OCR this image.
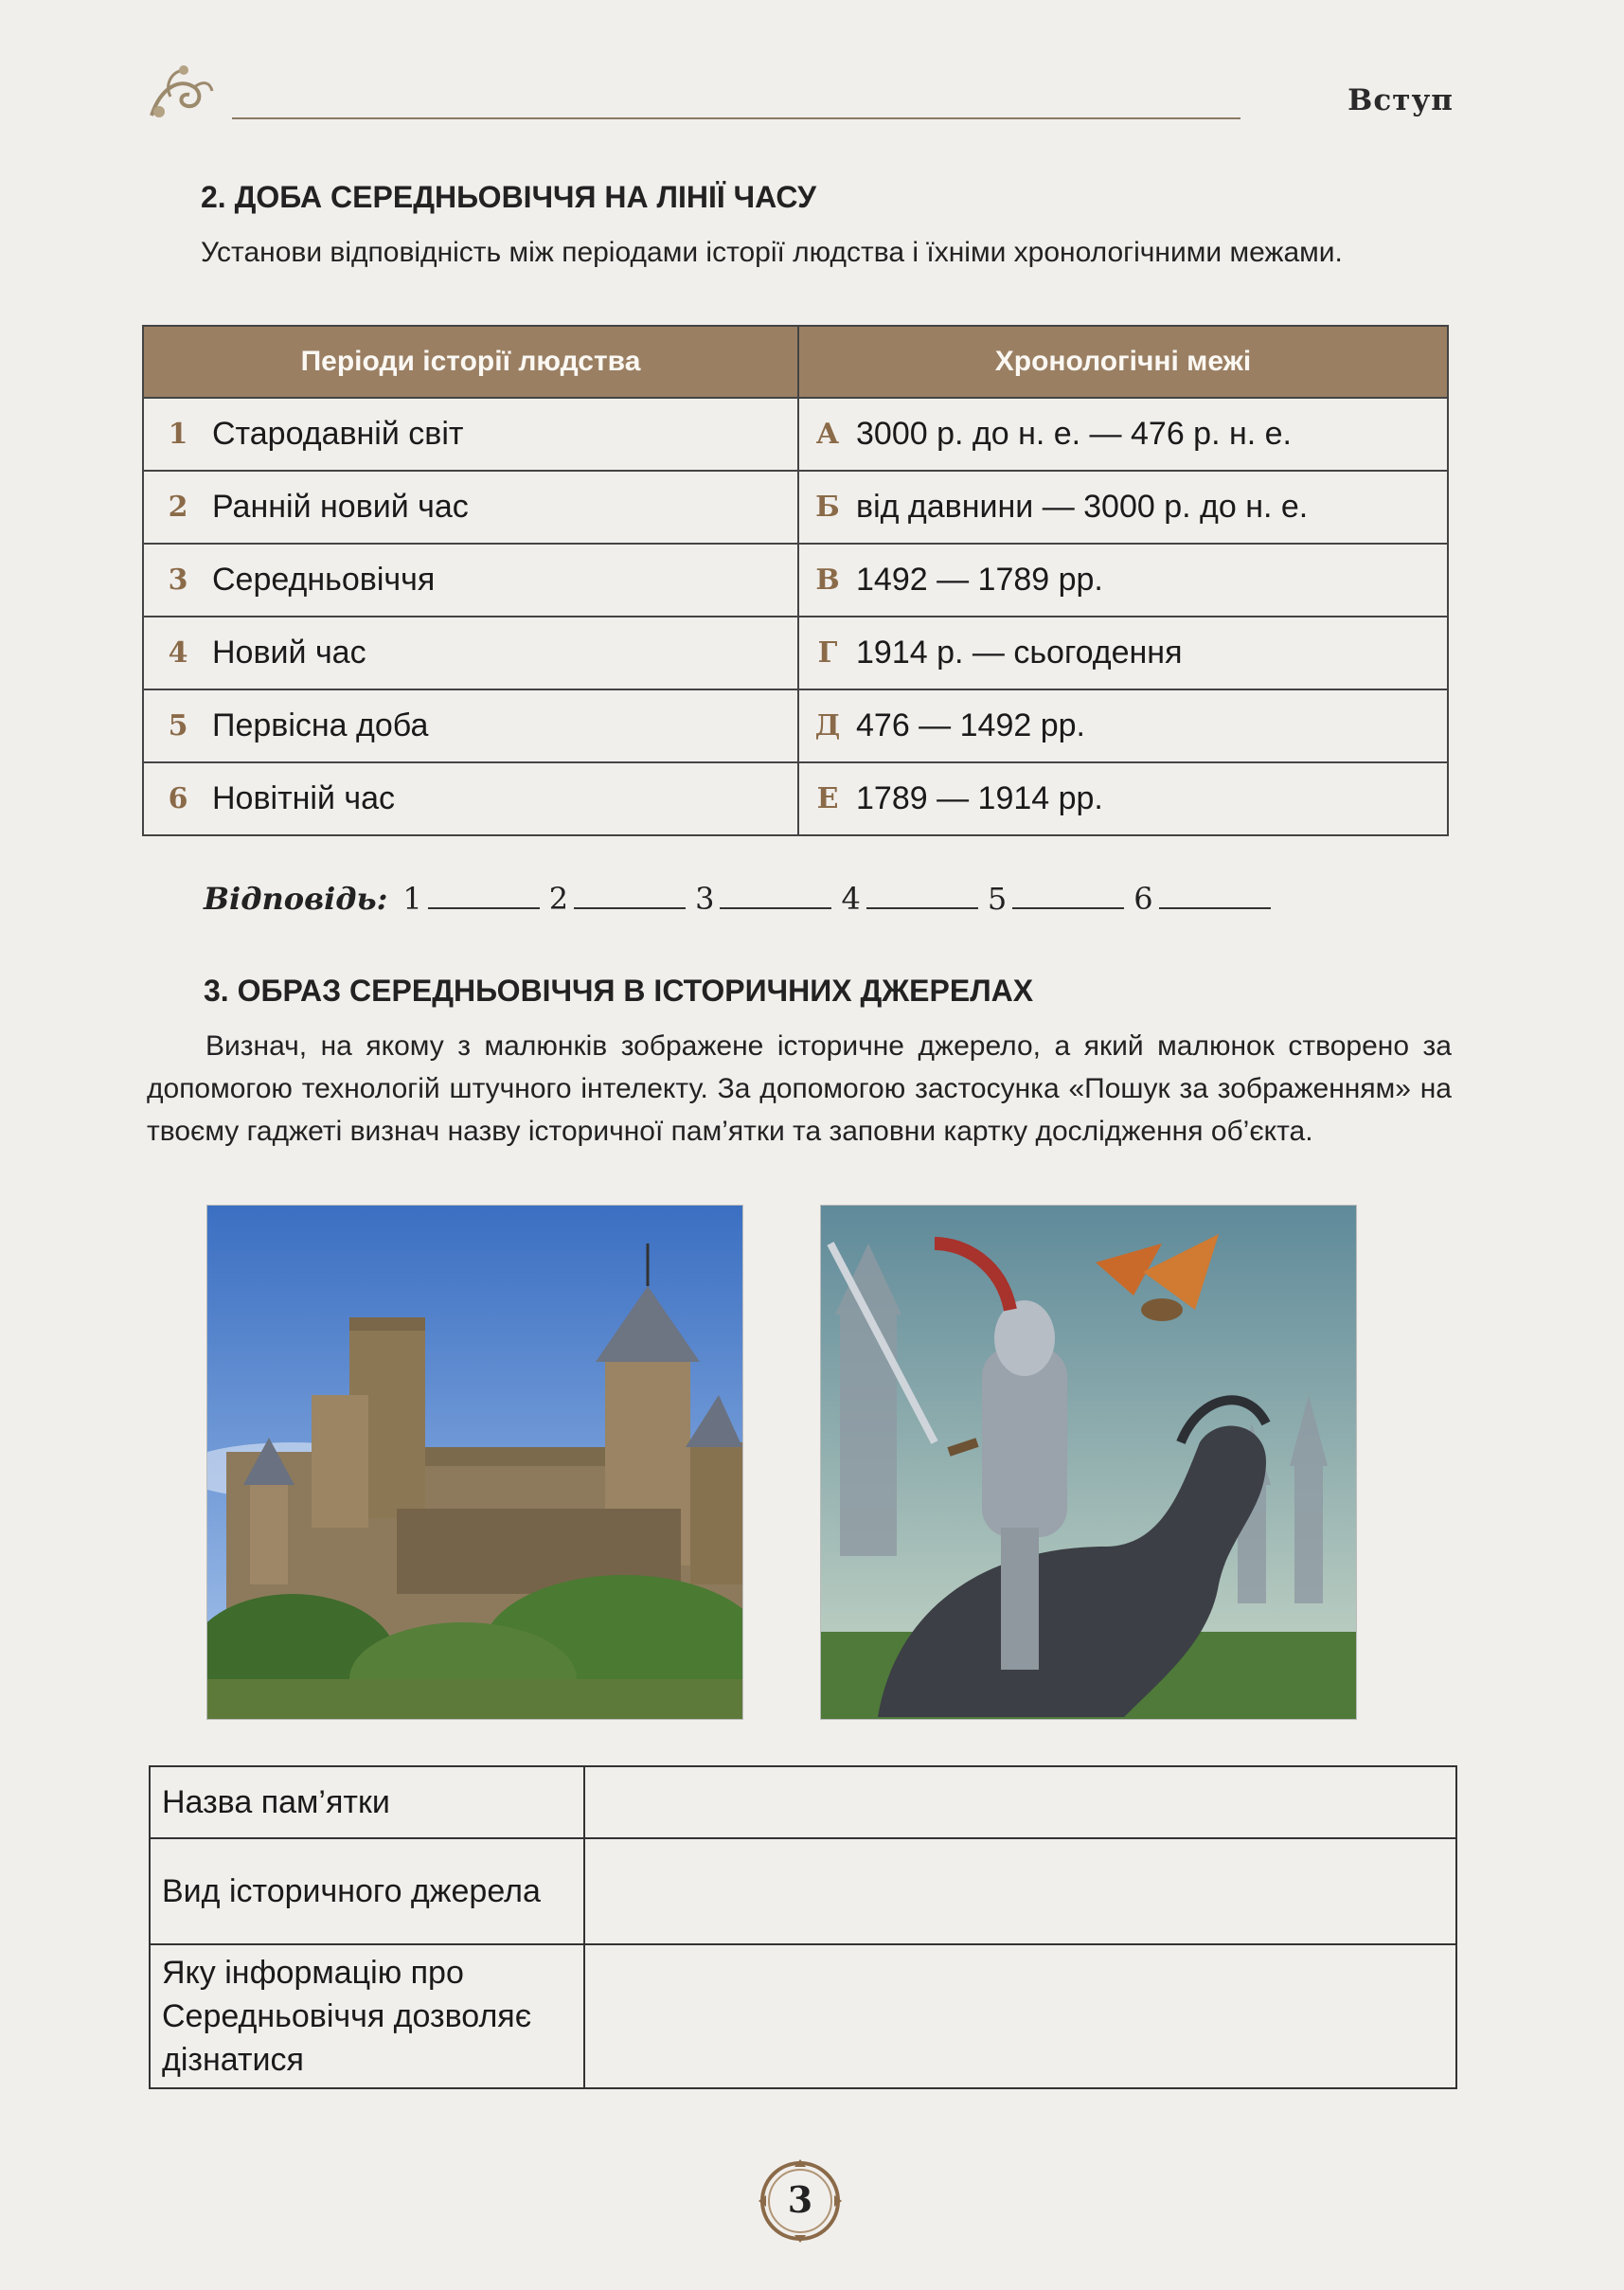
Вступ
2. ДОБА СЕРЕДНЬОВІЧЧЯ НА ЛІНІЇ ЧАСУ

Установи відповідність між періодами історії людства і їхніми хронологічними межами.

Періоди історії людства	Хронологічні межі

1 Стародавній світ	А 3000 р. до н. е. — 476 р. н. е.

2 Ранній новий час	Б від давнини — 3000 р. до н. е.

3 Середньовіччя	В 1492 — 1789 рр.

4 Новий час	Г 1914 р. — сьогодення

5 Первісна доба	Д 476 — 1492 рр.

6 Новітній час	Е 1789 — 1914 рр.
Відповідь: 1	2	3	4	5	6
3. ОБРАЗ СЕРЕДНЬОВІЧЧЯ В ІСТОРИЧНИХ ДЖЕРЕЛАХ

Визнач, на якому з малюнків зображене історичне джерело, а який малюнок створено за допомогою технологій штучного інтелекту. За допомогою застосунка «Пошук за зображенням» на твоєму гаджеті визнач назву історичної пам’ятки та заповни картку дослідження об’єкта.

Назва пам’ятки	
Вид історичного джерела	
Яку інформацію про Середньовіччя дозволяє дізнатися	
3
